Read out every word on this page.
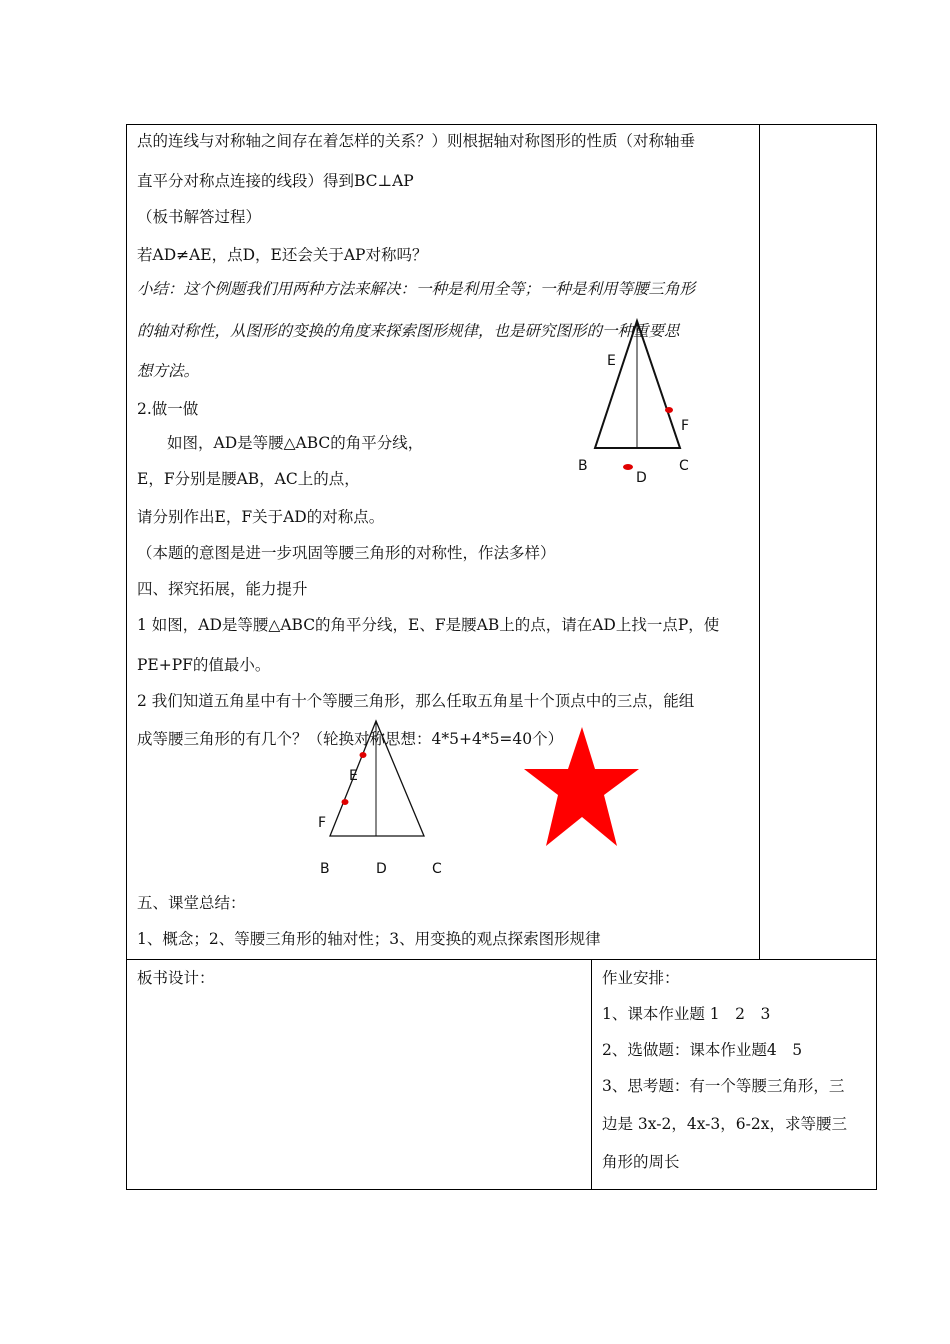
点的连线与对称轴之间存在着怎样的关系？）则根据轴对称图形的性质（对称轴垂
直平分对称点连接的线段）得到BC⊥AP
（板书解答过程）
若AD≠AE，点D，E还会关于AP对称吗？
小结：这个例题我们用两种方法来解决：一种是利用全等；一种是利用等腰三角形
的轴对称性，从图形的变换的角度来探索图形规律，也是研究图形的一种重要思
想方法。
2.做一做
如图，AD是等腰△ABC的角平分线，
E，F分别是腰AB，AC上的点，
请分别作出E，F关于AD的对称点。
（本题的意图是进一步巩固等腰三角形的对称性，作法多样）
四、探究拓展，能力提升
1 如图，AD是等腰△ABC的角平分线，E、F是腰AB上的点，请在AD上找一点P，使
PE+PF的值最小。
2 我们知道五角星中有十个等腰三角形，那么任取五角星十个顶点中的三点，能组
成等腰三角形的有几个？（轮换对称思想：4*5+4*5=40个）
五、课堂总结：
1、概念；2、等腰三角形的轴对性；3、用变换的观点探索图形规律
E
F
B	C
D
E
F
B	D	C
板书设计：	作业安排：
1、课本作业题 1　2　3
2、选做题：课本作业题4　5
3、思考题：有一个等腰三角形，三
边是 3x-2，4x-3，6-2x，求等腰三
角形的周长
